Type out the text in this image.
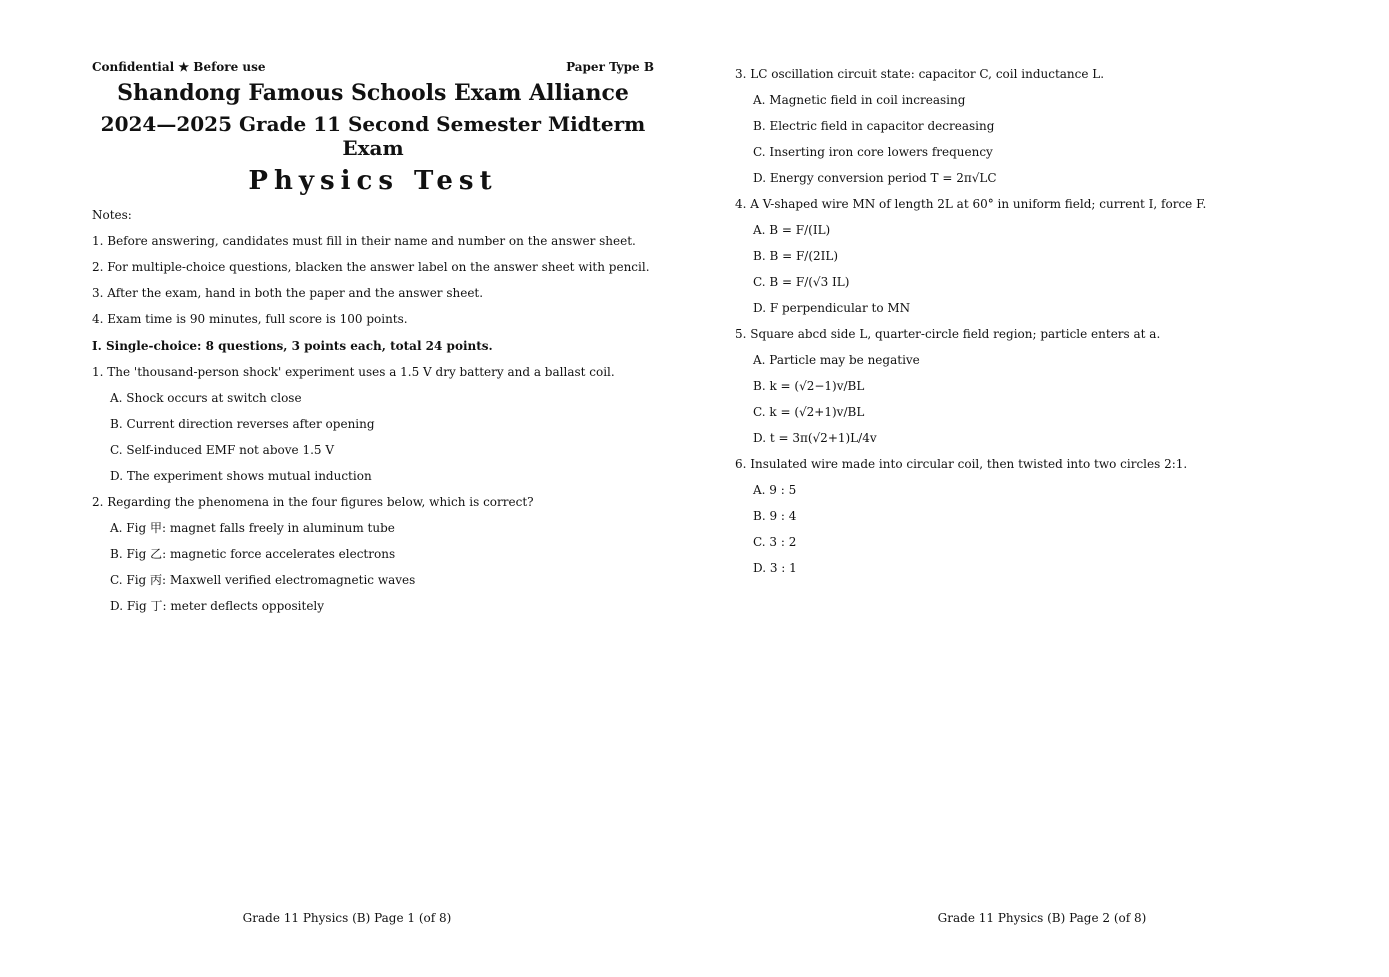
Confidential ★ Before use	Paper Type B
Shandong Famous Schools Exam Alliance
2024—2025 Grade 11 Second Semester Midterm Exam
Physics Test
Notes:
1. Before answering, candidates must fill in their name and number on the answer sheet.
2. For multiple-choice questions, blacken the answer label on the answer sheet with pencil.
3. After the exam, hand in both the paper and the answer sheet.
4. Exam time is 90 minutes, full score is 100 points.
I. Single-choice: 8 questions, 3 points each, total 24 points.
1. The 'thousand-person shock' experiment uses a 1.5 V dry battery and a ballast coil.
A. Shock occurs at switch close
B. Current direction reverses after opening
C. Self-induced EMF not above 1.5 V
D. The experiment shows mutual induction
2. Regarding the phenomena in the four figures below, which is correct?
A. Fig 甲: magnet falls freely in aluminum tube
B. Fig 乙: magnetic force accelerates electrons
C. Fig 丙: Maxwell verified electromagnetic waves
D. Fig 丁: meter deflects oppositely
Grade 11 Physics (B) Page 1 (of 8)
3. LC oscillation circuit state: capacitor C, coil inductance L.
A. Magnetic field in coil increasing
B. Electric field in capacitor decreasing
C. Inserting iron core lowers frequency
D. Energy conversion period T = 2π√LC
4. A V-shaped wire MN of length 2L at 60° in uniform field; current I, force F.
A. B = F/(IL)
B. B = F/(2IL)
C. B = F/(√3 IL)
D. F perpendicular to MN
5. Square abcd side L, quarter-circle field region; particle enters at a.
A. Particle may be negative
B. k = (√2−1)v/BL
C. k = (√2+1)v/BL
D. t = 3π(√2+1)L/4v
6. Insulated wire made into circular coil, then twisted into two circles 2:1.
A. 9 : 5
B. 9 : 4
C. 3 : 2
D. 3 : 1
Grade 11 Physics (B) Page 2 (of 8)
